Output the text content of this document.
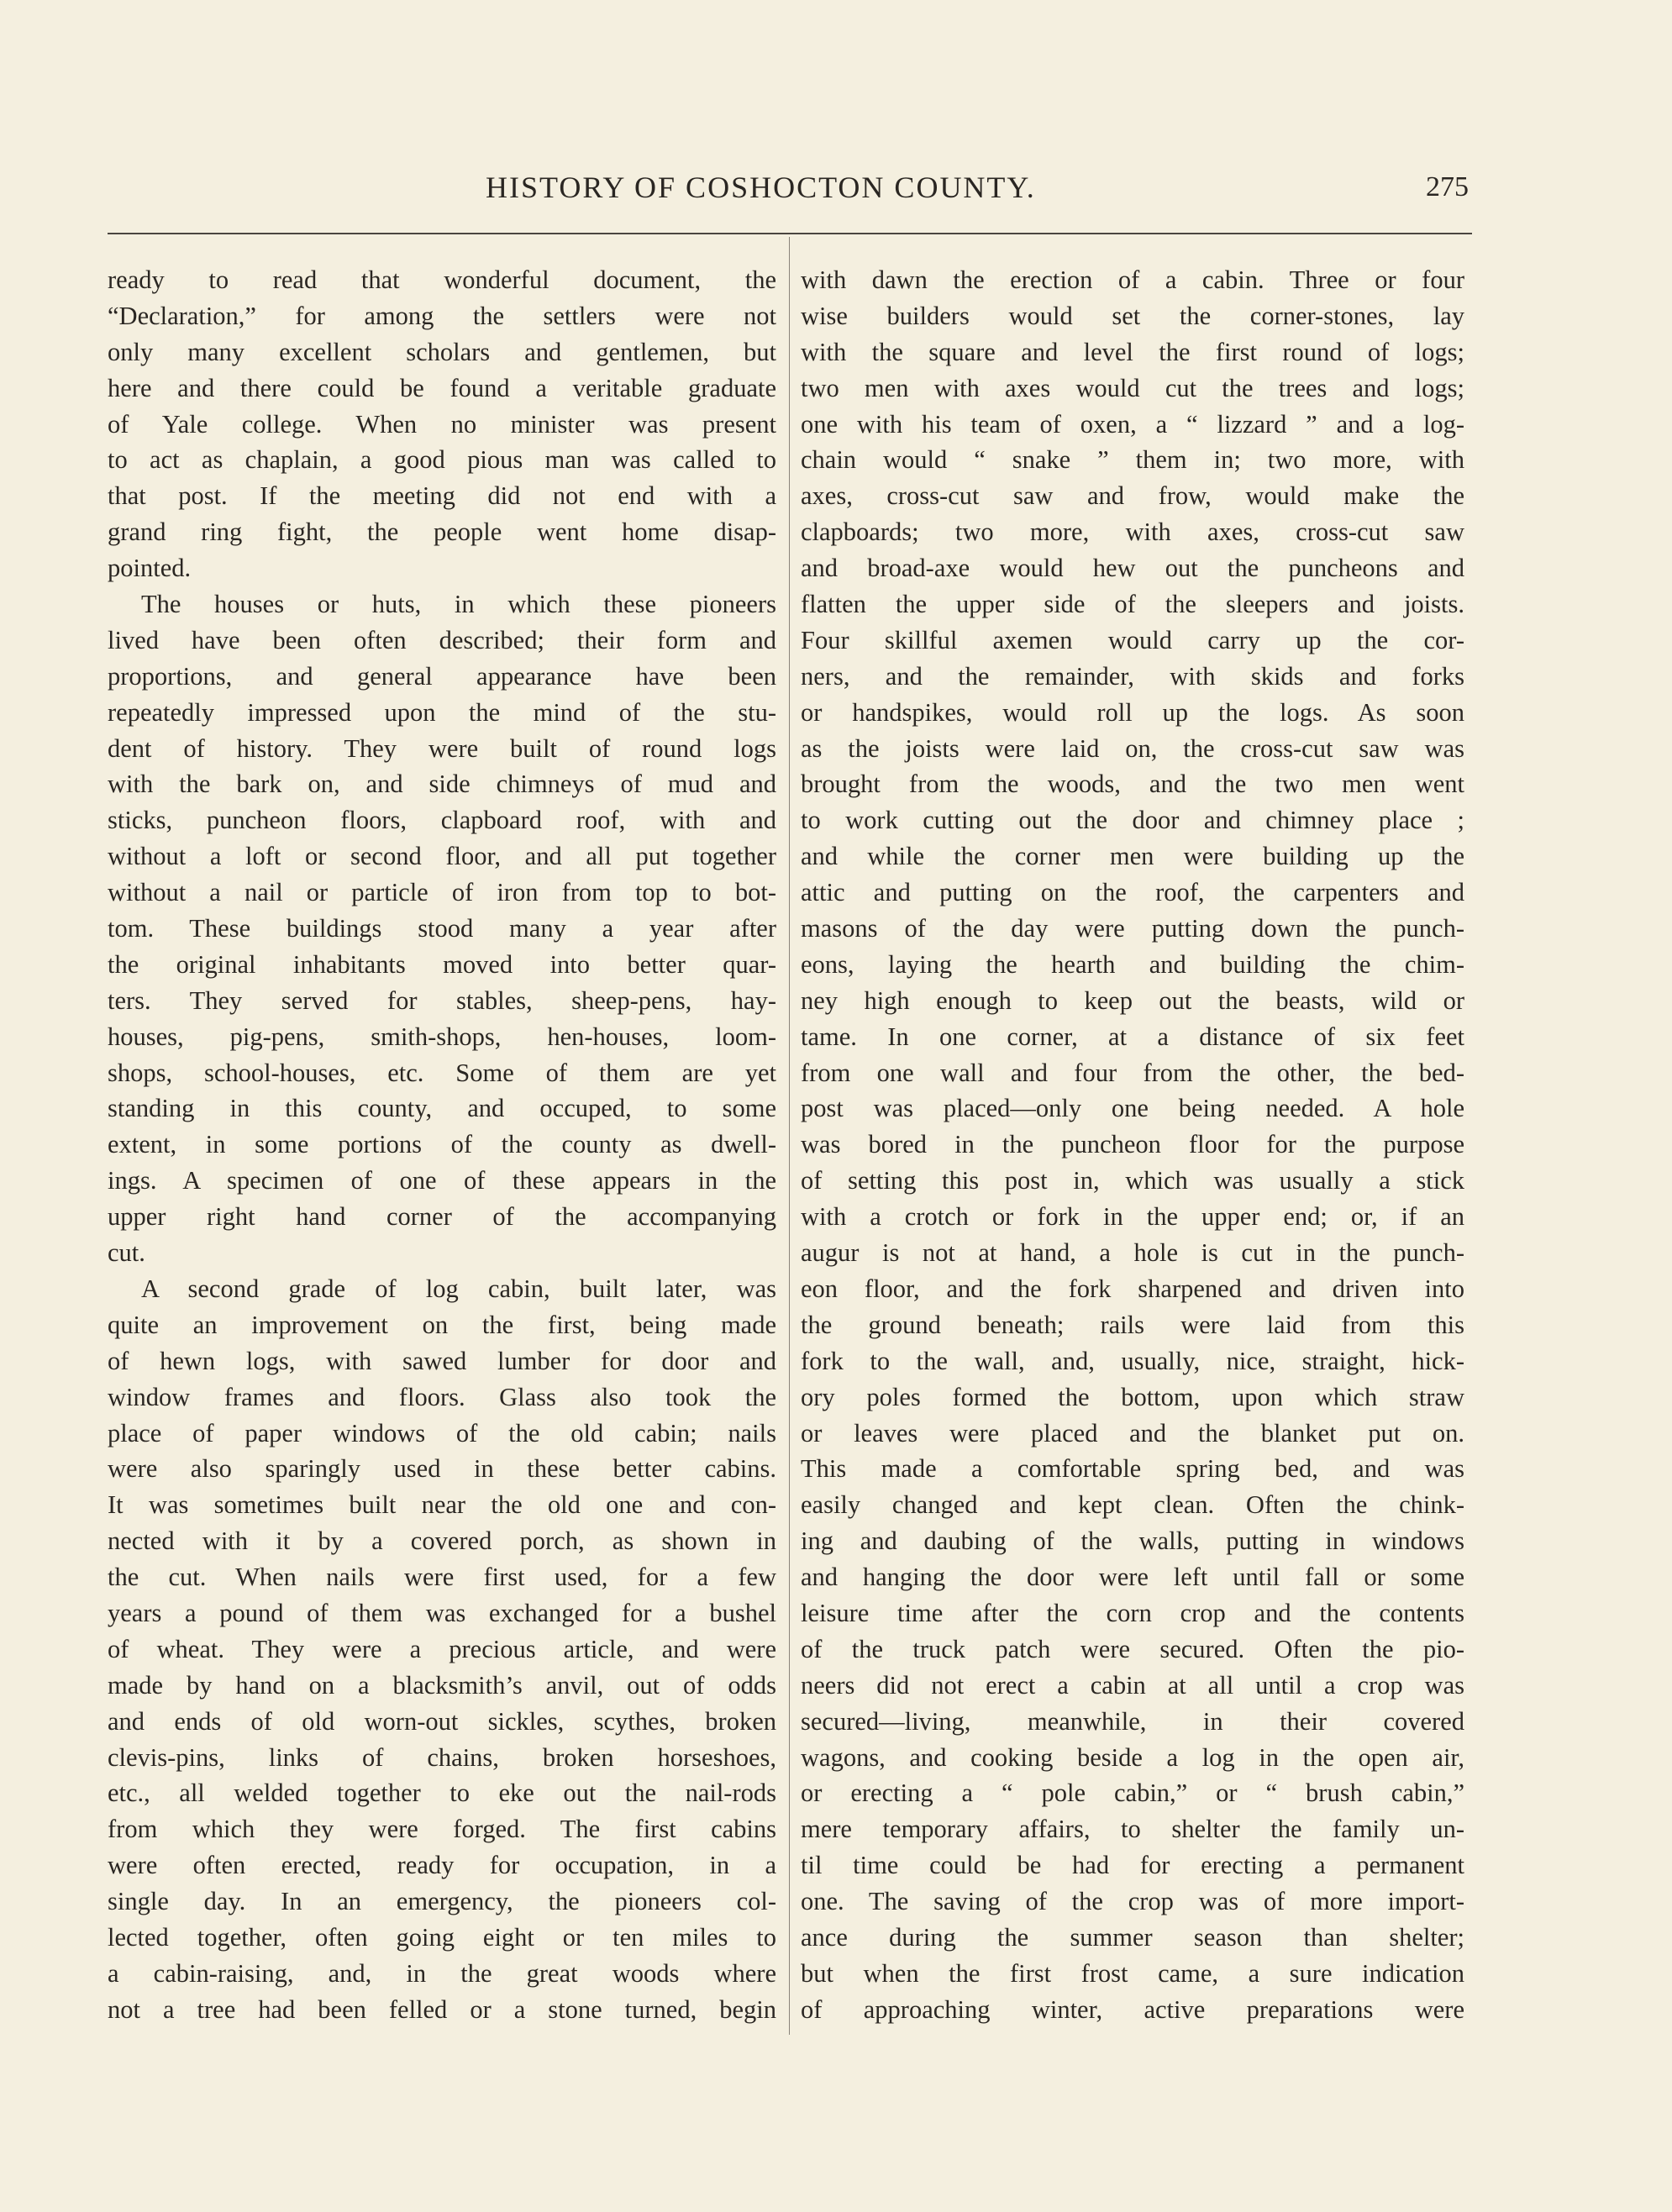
HISTORY OF COSHOCTON COUNTY.	275
ready to read that wonderful document, the
“Declaration,” for among the settlers were not
only many excellent scholars and gentlemen, but
here and there could be found a veritable graduate
of Yale college. When no minister was present
to act as chaplain, a good pious man was called to
that post. If the meeting did not end with a
grand ring fight, the people went home disap-
pointed.
The houses or huts, in which these pioneers
lived have been often described; their form and
proportions, and general appearance have been
repeatedly impressed upon the mind of the stu-
dent of history. They were built of round logs
with the bark on, and side chimneys of mud and
sticks, puncheon floors, clapboard roof, with and
without a loft or second floor, and all put together
without a nail or particle of iron from top to bot-
tom. These buildings stood many a year after
the original inhabitants moved into better quar-
ters. They served for stables, sheep-pens, hay-
houses, pig-pens, smith-shops, hen-houses, loom-
shops, school-houses, etc. Some of them are yet
standing in this county, and occuped, to some
extent, in some portions of the county as dwell-
ings. A specimen of one of these appears in the
upper right hand corner of the accompanying
cut.
A second grade of log cabin, built later, was
quite an improvement on the first, being made
of hewn logs, with sawed lumber for door and
window frames and floors. Glass also took the
place of paper windows of the old cabin; nails
were also sparingly used in these better cabins.
It was sometimes built near the old one and con-
nected with it by a covered porch, as shown in
the cut. When nails were first used, for a few
years a pound of them was exchanged for a bushel
of wheat. They were a precious article, and were
made by hand on a blacksmith’s anvil, out of odds
and ends of old worn-out sickles, scythes, broken
clevis-pins, links of chains, broken horseshoes,
etc., all welded together to eke out the nail-rods
from which they were forged. The first cabins
were often erected, ready for occupation, in a
single day. In an emergency, the pioneers col-
lected together, often going eight or ten miles to
a cabin-raising, and, in the great woods where
not a tree had been felled or a stone turned, begin
with dawn the erection of a cabin. Three or four
wise builders would set the corner-stones, lay
with the square and level the first round of logs;
two men with axes would cut the trees and logs;
one with his team of oxen, a “ lizzard ” and a log-
chain would “ snake ” them in; two more, with
axes, cross-cut saw and frow, would make the
clapboards; two more, with axes, cross-cut saw
and broad-axe would hew out the puncheons and
flatten the upper side of the sleepers and joists.
Four skillful axemen would carry up the cor-
ners, and the remainder, with skids and forks
or handspikes, would roll up the logs. As soon
as the joists were laid on, the cross-cut saw was
brought from the woods, and the two men went
to work cutting out the door and chimney place ;
and while the corner men were building up the
attic and putting on the roof, the carpenters and
masons of the day were putting down the punch-
eons, laying the hearth and building the chim-
ney high enough to keep out the beasts, wild or
tame. In one corner, at a distance of six feet
from one wall and four from the other, the bed-
post was placed—only one being needed. A hole
was bored in the puncheon floor for the purpose
of setting this post in, which was usually a stick
with a crotch or fork in the upper end; or, if an
augur is not at hand, a hole is cut in the punch-
eon floor, and the fork sharpened and driven into
the ground beneath; rails were laid from this
fork to the wall, and, usually, nice, straight, hick-
ory poles formed the bottom, upon which straw
or leaves were placed and the blanket put on.
This made a comfortable spring bed, and was
easily changed and kept clean. Often the chink-
ing and daubing of the walls, putting in windows
and hanging the door were left until fall or some
leisure time after the corn crop and the contents
of the truck patch were secured. Often the pio-
neers did not erect a cabin at all until a crop was
secured—living, meanwhile, in their covered
wagons, and cooking beside a log in the open air,
or erecting a “ pole cabin,” or “ brush cabin,”
mere temporary affairs, to shelter the family un-
til time could be had for erecting a permanent
one. The saving of the crop was of more import-
ance during the summer season than shelter;
but when the first frost came, a sure indication
of approaching winter, active preparations were
